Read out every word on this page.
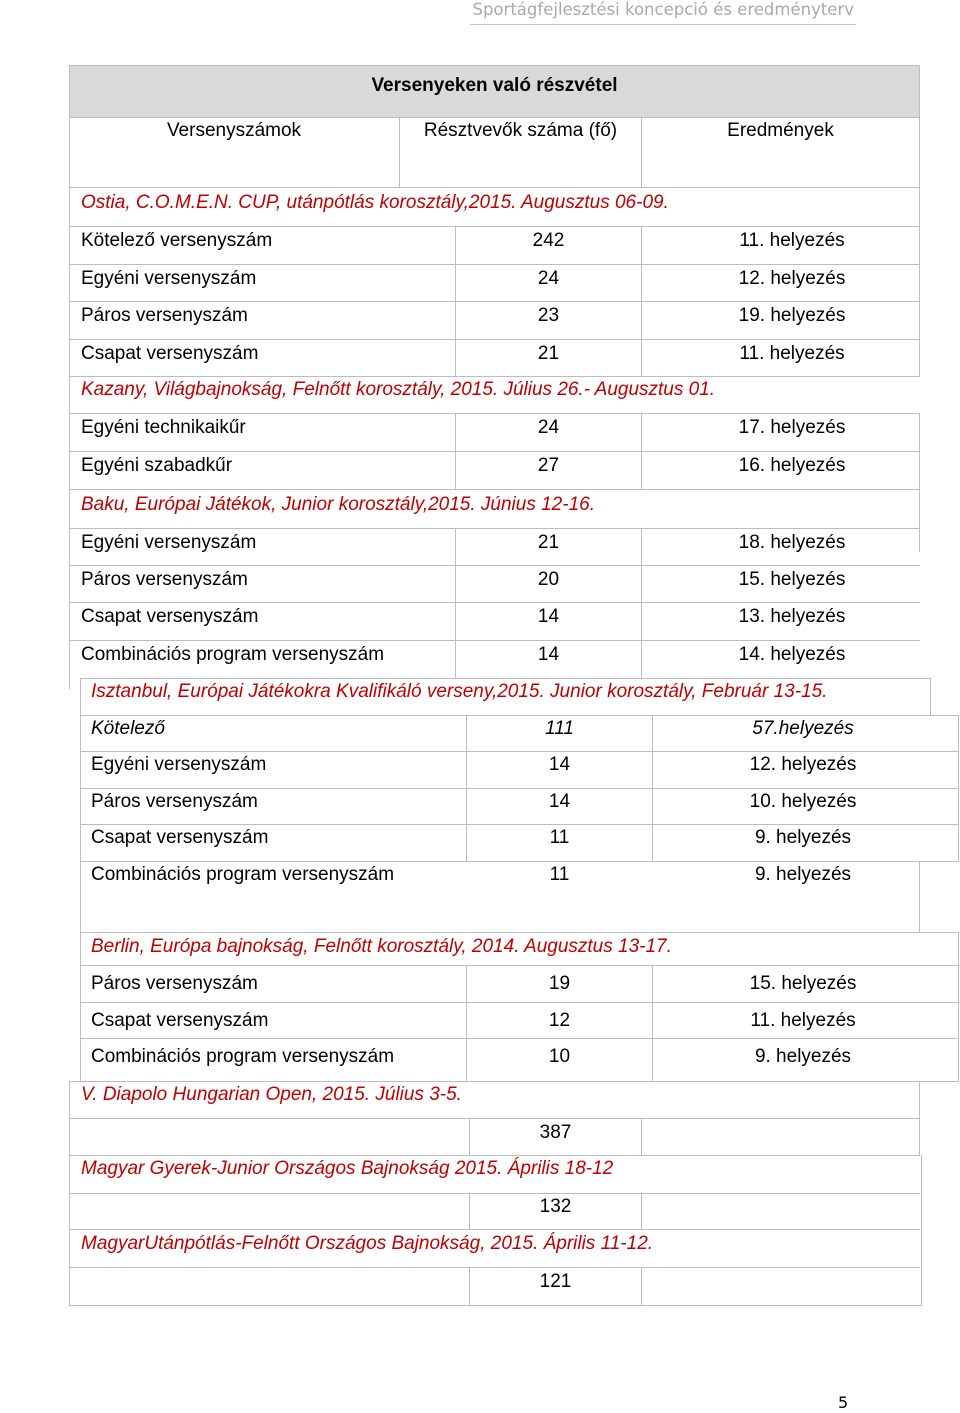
Sportágfejlesztési koncepció és eredményterv
Versenyeken való részvétel
Versenyszámok	Résztvevők száma (fő)	Eredmények
Ostia, C.O.M.E.N. CUP, utánpótlás korosztály,2015. Augusztus 06-09.
Kötelező versenyszám	242	11. helyezés
Egyéni versenyszám	24	12. helyezés
Páros versenyszám	23	19. helyezés
Csapat versenyszám	21	11. helyezés
Kazany, Világbajnokság, Felnőtt korosztály, 2015. Július 26.- Augusztus 01.
Egyéni technikaikűr	24	17. helyezés
Egyéni szabadkűr	27	16. helyezés
Baku, Európai Játékok, Junior korosztály,2015. Június 12-16.
Egyéni versenyszám	21	18. helyezés
Páros versenyszám	20	15. helyezés
Csapat versenyszám	14	13. helyezés
Combinációs program versenyszám	14	14. helyezés
Isztanbul, Európai Játékokra Kvalifikáló verseny,2015. Junior korosztály, Február 13-15.
Kötelező	111	57.helyezés
Egyéni versenyszám	14	12. helyezés
Páros versenyszám	14	10. helyezés
Csapat versenyszám	11	9. helyezés
Combinációs program versenyszám	11	9. helyezés
Berlin, Európa bajnokság, Felnőtt korosztály, 2014. Augusztus 13-17.
Páros versenyszám	19	15. helyezés
Csapat versenyszám	12	11. helyezés
Combinációs program versenyszám	10	9. helyezés
V. Diapolo Hungarian Open, 2015. Július 3-5.
387
Magyar Gyerek-Junior Országos Bajnokság 2015. Április 18-12
132
MagyarUtánpótlás-Felnőtt Országos Bajnokság, 2015. Április 11-12.
121
5
